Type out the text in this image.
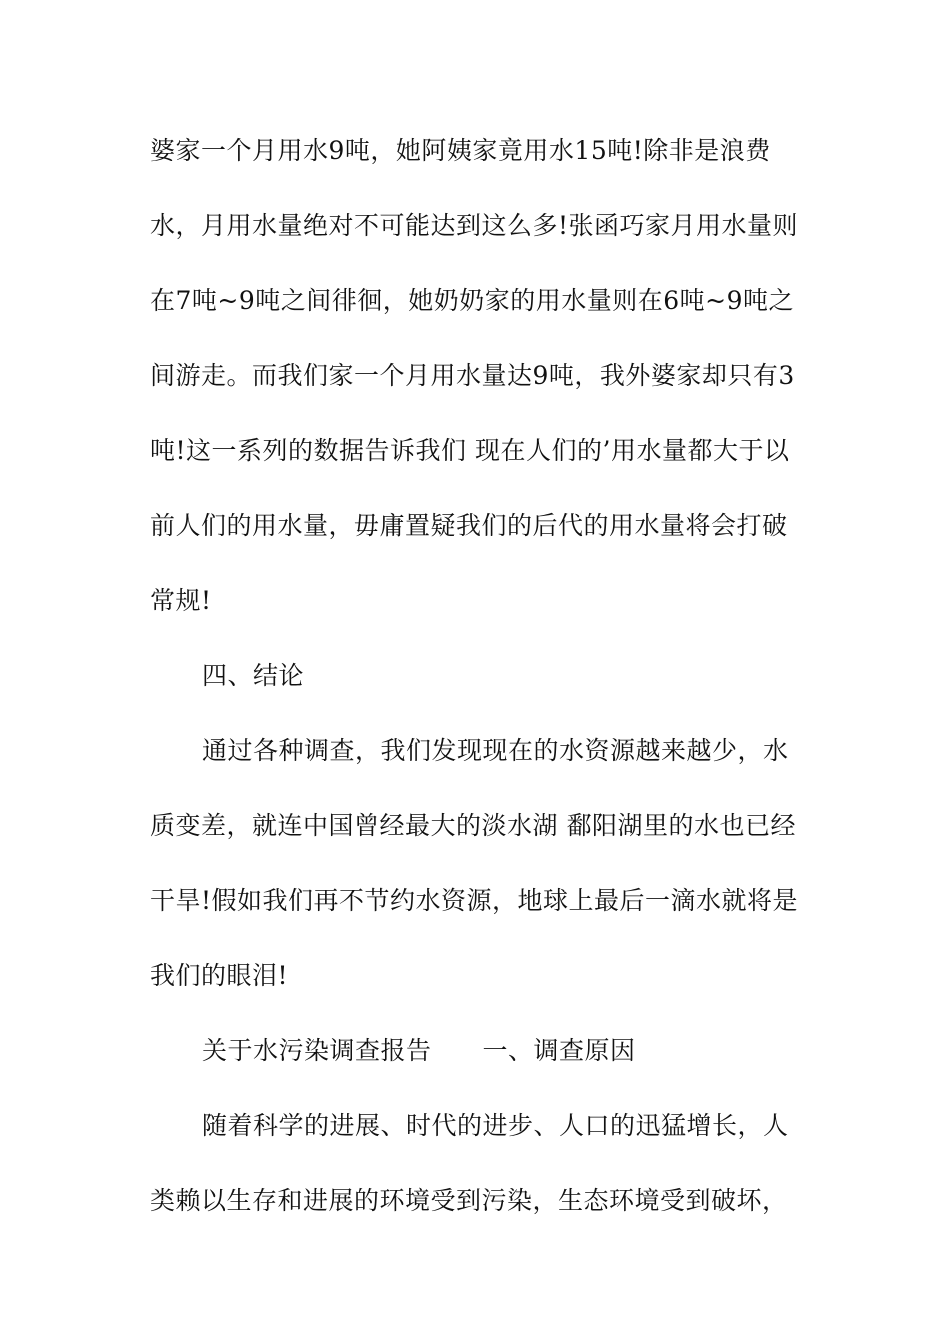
婆家一个月用水9吨，她阿姨家竟用水15吨!除非是浪费
水，月用水量绝对不可能达到这么多!张函巧家月用水量则
在7吨~9吨之间徘徊，她奶奶家的用水量则在6吨~9吨之
间游走。而我们家一个月用水量达9吨，我外婆家却只有3
吨!这一系列的数据告诉我们 现在人们的’用水量都大于以
前人们的用水量，毋庸置疑我们的后代的用水量将会打破
常规!
四、结论
通过各种调查，我们发现现在的水资源越来越少，水
质变差，就连中国曾经最大的淡水湖 鄱阳湖里的水也已经
干旱!假如我们再不节约水资源，地球上最后一滴水就将是
我们的眼泪!
关于水污染调查报告　　一、调查原因
随着科学的进展、时代的进步、人口的迅猛增长，人
类赖以生存和进展的环境受到污染，生态环境受到破坏，
